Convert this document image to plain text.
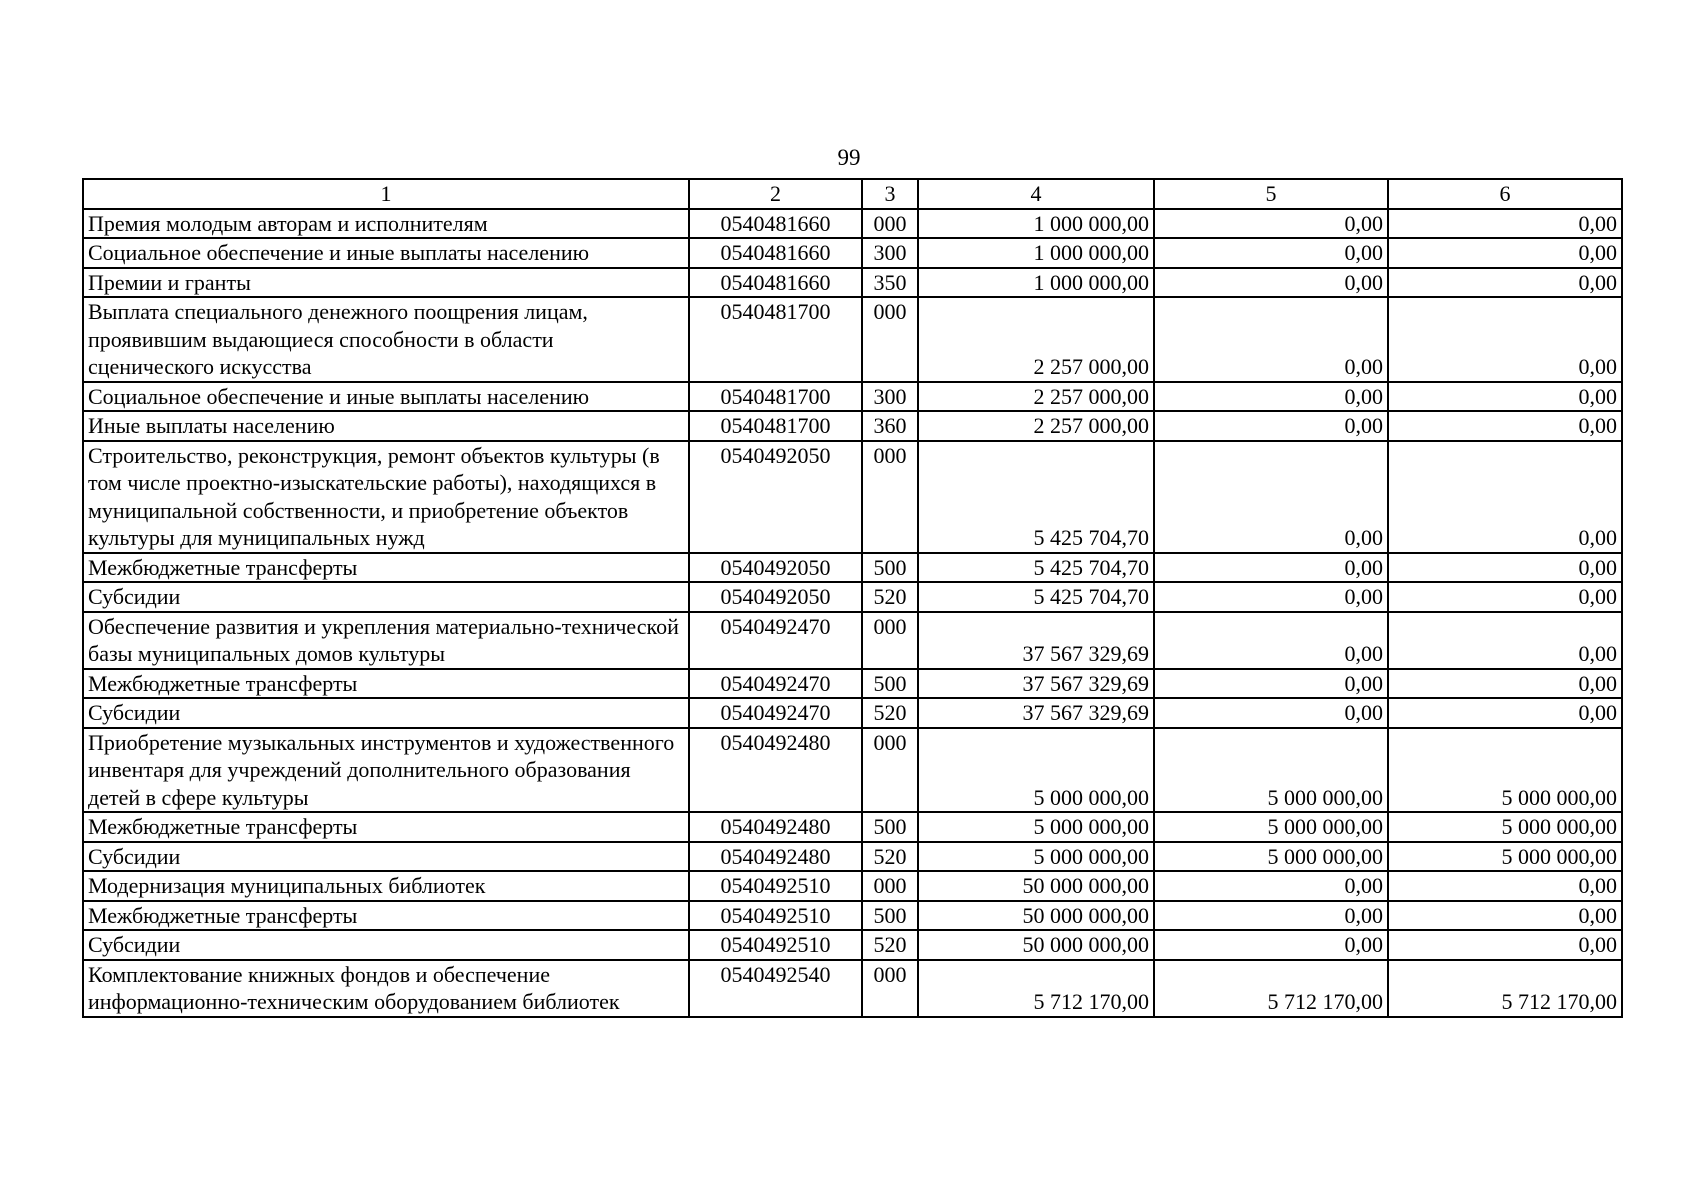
99
1	2	3	4	5	6
Премия молодым авторам и исполнителям	0540481660	000	1 000 000,00	0,00	0,00
Социальное обеспечение и иные выплаты населению	0540481660	300	1 000 000,00	0,00	0,00
Премии и гранты	0540481660	350	1 000 000,00	0,00	0,00
Выплата специального денежного поощрения лицам, проявившим выдающиеся способности в области сценического искусства	0540481700	000	2 257 000,00	0,00	0,00
Социальное обеспечение и иные выплаты населению	0540481700	300	2 257 000,00	0,00	0,00
Иные выплаты населению	0540481700	360	2 257 000,00	0,00	0,00
Строительство, реконструкция, ремонт объектов культуры (в том числе проектно-изыскательские работы), находящихся в муниципальной собственности, и приобретение объектов культуры для муниципальных нужд	0540492050	000	5 425 704,70	0,00	0,00
Межбюджетные трансферты	0540492050	500	5 425 704,70	0,00	0,00
Субсидии	0540492050	520	5 425 704,70	0,00	0,00
Обеспечение развития и укрепления материально-технической базы муниципальных домов культуры	0540492470	000	37 567 329,69	0,00	0,00
Межбюджетные трансферты	0540492470	500	37 567 329,69	0,00	0,00
Субсидии	0540492470	520	37 567 329,69	0,00	0,00
Приобретение музыкальных инструментов и художественного инвентаря для учреждений дополнительного образования детей в сфере культуры	0540492480	000	5 000 000,00	5 000 000,00	5 000 000,00
Межбюджетные трансферты	0540492480	500	5 000 000,00	5 000 000,00	5 000 000,00
Субсидии	0540492480	520	5 000 000,00	5 000 000,00	5 000 000,00
Модернизация муниципальных библиотек	0540492510	000	50 000 000,00	0,00	0,00
Межбюджетные трансферты	0540492510	500	50 000 000,00	0,00	0,00
Субсидии	0540492510	520	50 000 000,00	0,00	0,00
Комплектование книжных фондов и обеспечение информационно-техническим оборудованием библиотек	0540492540	000	5 712 170,00	5 712 170,00	5 712 170,00
